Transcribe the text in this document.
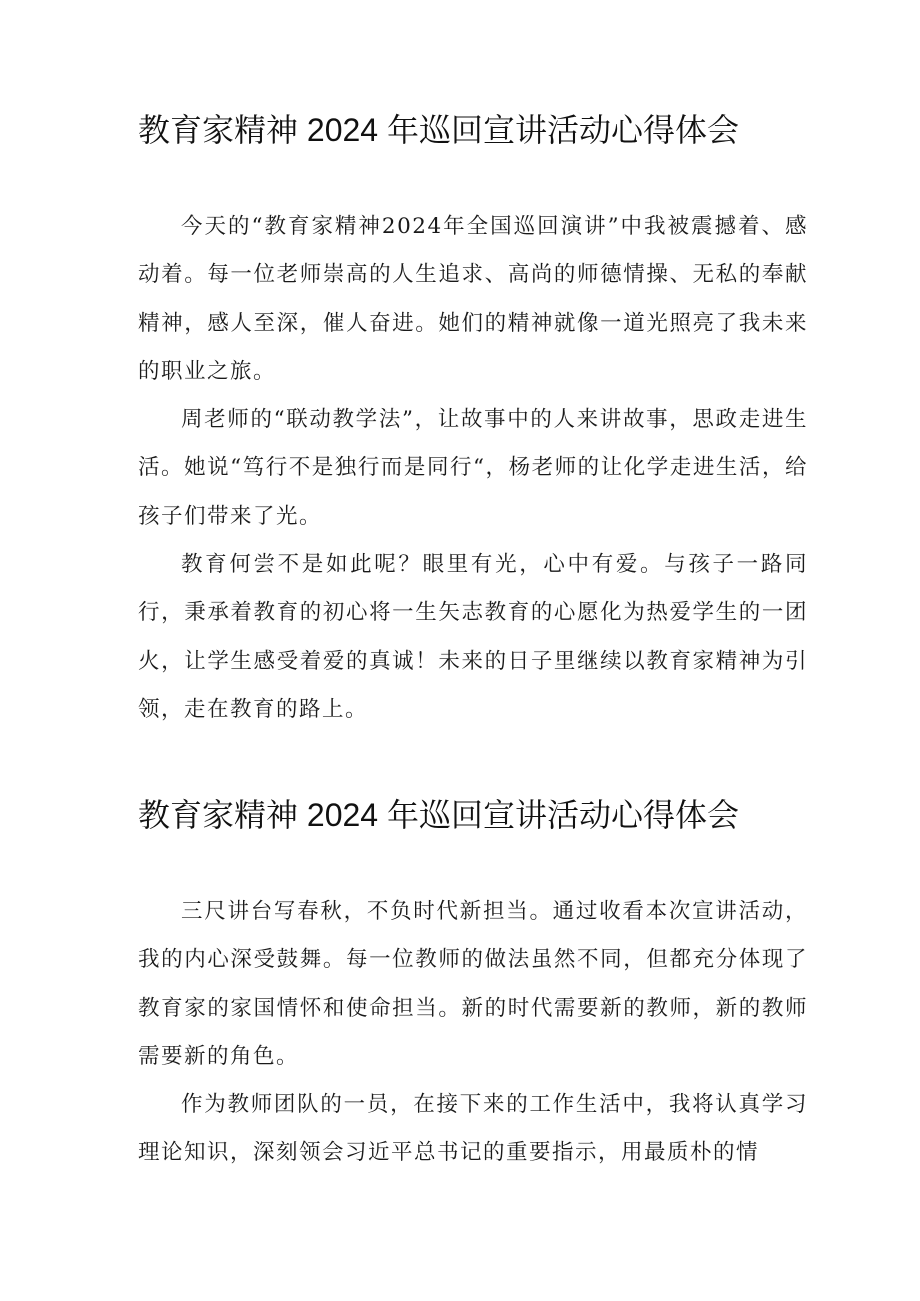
教育家精神 2024 年巡回宣讲活动心得体会

今天的“教育家精神2024年全国巡回演讲”中我被震撼着、感动着。每一位老师崇高的人生追求、高尚的师德情操、无私的奉献精神，感人至深，催人奋进。她们的精神就像一道光照亮了我未来的职业之旅。

周老师的“联动教学法”，让故事中的人来讲故事，思政走进生活。她说“笃行不是独行而是同行“，杨老师的让化学走进生活，给孩子们带来了光。

教育何尝不是如此呢？眼里有光，心中有爱。与孩子一路同行，秉承着教育的初心将一生矢志教育的心愿化为热爱学生的一团火，让学生感受着爱的真诚！未来的日子里继续以教育家精神为引领，走在教育的路上。

教育家精神 2024 年巡回宣讲活动心得体会

三尺讲台写春秋，不负时代新担当。通过收看本次宣讲活动，我的内心深受鼓舞。每一位教师的做法虽然不同，但都充分体现了教育家的家国情怀和使命担当。新的时代需要新的教师，新的教师需要新的角色。

作为教师团队的一员，在接下来的工作生活中，我将认真学习理论知识，深刻领会习近平总书记的重要指示，用最质朴的情
